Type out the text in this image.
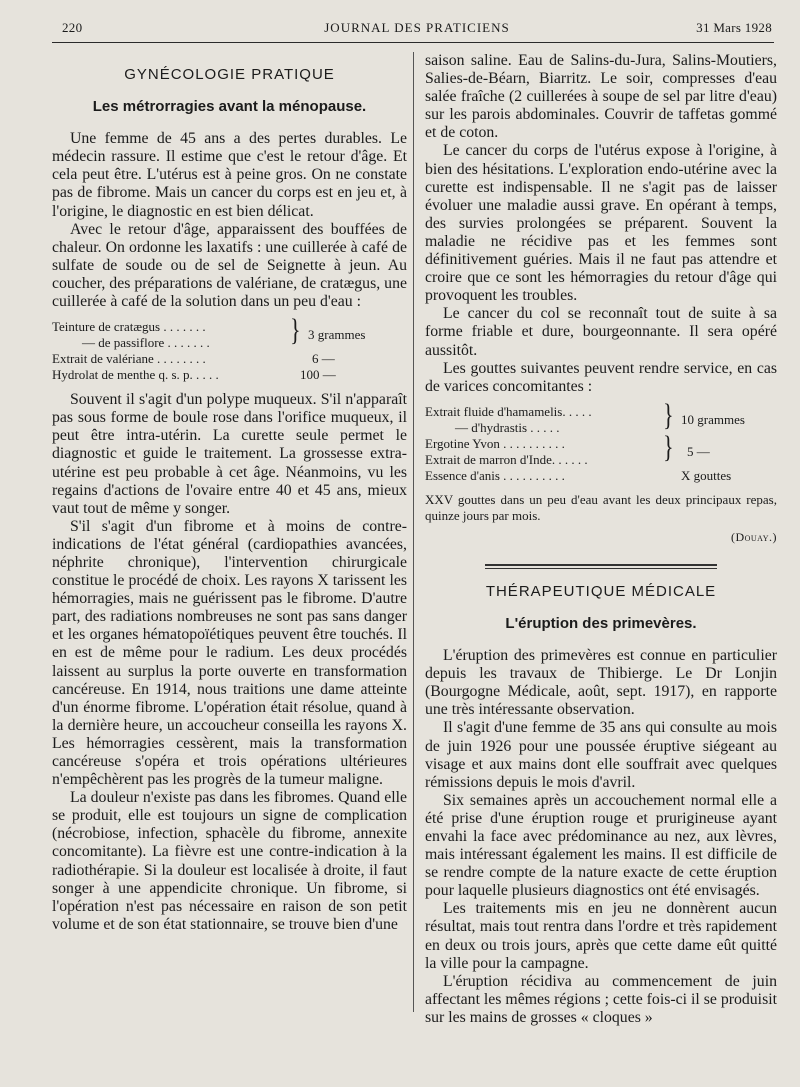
220	JOURNAL DES PRATICIENS	31 Mars 1928
GYNÉCOLOGIE PRATIQUE
Les métrorragies avant la ménopause.

Une femme de 45 ans a des pertes durables. Le médecin rassure. Il estime que c'est le retour d'âge. Et cela peut être. L'utérus est à peine gros. On ne constate pas de fibrome. Mais un cancer du corps est en jeu et, à l'origine, le diagnostic en est bien délicat.

Avec le retour d'âge, apparaissent des bouffées de chaleur. On ordonne les laxatifs : une cuillerée à café de sulfate de soude ou de sel de Seignette à jeun. Au coucher, des préparations de valériane, de cratægus, une cuillerée à café de la solution dans un peu d'eau :

Teinture de cratægus . . . . . . .	} 3 grammes
— de passiflore . . . . . . .
Extrait de valériane . . . . . . . .	6 —
Hydrolat de menthe q. s. p. . . . .	100 —

Souvent il s'agit d'un polype muqueux. S'il n'apparaît pas sous forme de boule rose dans l'orifice muqueux, il peut être intra-utérin. La curette seule permet le diagnostic et guide le traitement. La grossesse extra-utérine est peu probable à cet âge. Néanmoins, vu les regains d'actions de l'ovaire entre 40 et 45 ans, mieux vaut tout de même y songer.

S'il s'agit d'un fibrome et à moins de contre-indications de l'état général (cardiopathies avancées, néphrite chronique), l'intervention chirurgicale constitue le procédé de choix. Les rayons X tarissent les hémorragies, mais ne guérissent pas le fibrome. D'autre part, des radiations nombreuses ne sont pas sans danger et les organes hématopoïétiques peuvent être touchés. Il en est de même pour le radium. Les deux procédés laissent au surplus la porte ouverte en transformation cancéreuse. En 1914, nous traitions une dame atteinte d'un énorme fibrome. L'opération était résolue, quand à la dernière heure, un accoucheur conseilla les rayons X. Les hémorragies cessèrent, mais la transformation cancéreuse s'opéra et trois opérations ultérieures n'empêchèrent pas les progrès de la tumeur maligne.

La douleur n'existe pas dans les fibromes. Quand elle se produit, elle est toujours un signe de complication (nécrobiose, infection, sphacèle du fibrome, annexite concomitante). La fièvre est une contre-indication à la radiothérapie. Si la douleur est localisée à droite, il faut songer à une appendicite chronique. Un fibrome, si l'opération n'est pas nécessaire en raison de son petit volume et de son état stationnaire, se trouve bien d'une

saison saline. Eau de Salins-du-Jura, Salins-Moutiers, Salies-de-Béarn, Biarritz. Le soir, compresses d'eau salée fraîche (2 cuillerées à soupe de sel par litre d'eau) sur les parois abdominales. Couvrir de taffetas gommé et de coton.

Le cancer du corps de l'utérus expose à l'origine, à bien des hésitations. L'exploration endo-utérine avec la curette est indispensable. Il ne s'agit pas de laisser évoluer une maladie aussi grave. En opérant à temps, des survies prolongées se préparent. Souvent la maladie ne récidive pas et les femmes sont définitivement guéries. Mais il ne faut pas attendre et croire que ce sont les hémorragies du retour d'âge qui provoquent les troubles.

Le cancer du col se reconnaît tout de suite à sa forme friable et dure, bourgeonnante. Il sera opéré aussitôt.

Les gouttes suivantes peuvent rendre service, en cas de varices concomitantes :

Extrait fluide d'hamamelis. . . . .	} 10 grammes
— d'hydrastis . . . . .
Ergotine Yvon . . . . . . . . . .	} 5 —
Extrait de marron d'Inde. . . . . .
Essence d'anis . . . . . . . . . .	X gouttes
XXV gouttes dans un peu d'eau avant les deux principaux repas, quinze jours par mois.
(Douay.)
THÉRAPEUTIQUE MÉDICALE
L'éruption des primevères.

L'éruption des primevères est connue en particulier depuis les travaux de Thibierge. Le Dr Lonjin (Bourgogne Médicale, août, sept. 1917), en rapporte une très intéressante observation.

Il s'agit d'une femme de 35 ans qui consulte au mois de juin 1926 pour une poussée éruptive siégeant au visage et aux mains dont elle souffrait avec quelques rémissions depuis le mois d'avril.

Six semaines après un accouchement normal elle a été prise d'une éruption rouge et prurigineuse ayant envahi la face avec prédominance au nez, aux lèvres, mais intéressant également les mains. Il est difficile de se rendre compte de la nature exacte de cette éruption pour laquelle plusieurs diagnostics ont été envisagés.

Les traitements mis en jeu ne donnèrent aucun résultat, mais tout rentra dans l'ordre et très rapidement en deux ou trois jours, après que cette dame eût quitté la ville pour la campagne.

L'éruption récidiva au commencement de juin affectant les mêmes régions ; cette fois-ci il se produisit sur les mains de grosses « cloques »
